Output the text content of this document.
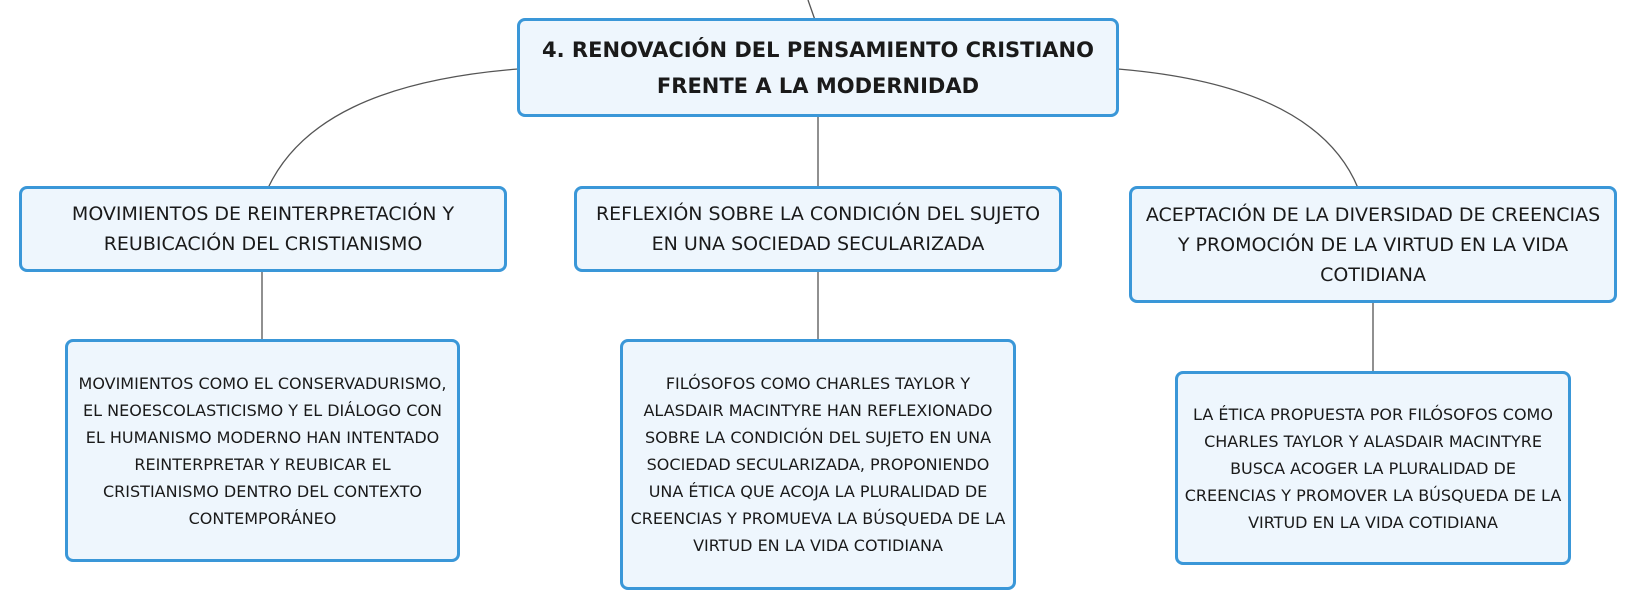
4. RENOVACIÓN DEL PENSAMIENTO CRISTIANO FRENTE A LA MODERNIDAD
MOVIMIENTOS DE REINTERPRETACIÓN Y REUBICACIÓN DEL CRISTIANISMO
REFLEXIÓN SOBRE LA CONDICIÓN DEL SUJETO EN UNA SOCIEDAD SECULARIZADA
ACEPTACIÓN DE LA DIVERSIDAD DE CREENCIAS Y PROMOCIÓN DE LA VIRTUD EN LA VIDA COTIDIANA
MOVIMIENTOS COMO EL CONSERVADURISMO, EL NEOESCOLASTICISMO Y EL DIÁLOGO CON EL HUMANISMO MODERNO HAN INTENTADO REINTERPRETAR Y REUBICAR EL CRISTIANISMO DENTRO DEL CONTEXTO CONTEMPORÁNEO
FILÓSOFOS COMO CHARLES TAYLOR Y ALASDAIR MACINTYRE HAN REFLEXIONADO SOBRE LA CONDICIÓN DEL SUJETO EN UNA SOCIEDAD SECULARIZADA, PROPONIENDO UNA ÉTICA QUE ACOJA LA PLURALIDAD DE CREENCIAS Y PROMUEVA LA BÚSQUEDA DE LA VIRTUD EN LA VIDA COTIDIANA
LA ÉTICA PROPUESTA POR FILÓSOFOS COMO CHARLES TAYLOR Y ALASDAIR MACINTYRE BUSCA ACOGER LA PLURALIDAD DE CREENCIAS Y PROMOVER LA BÚSQUEDA DE LA VIRTUD EN LA VIDA COTIDIANA
